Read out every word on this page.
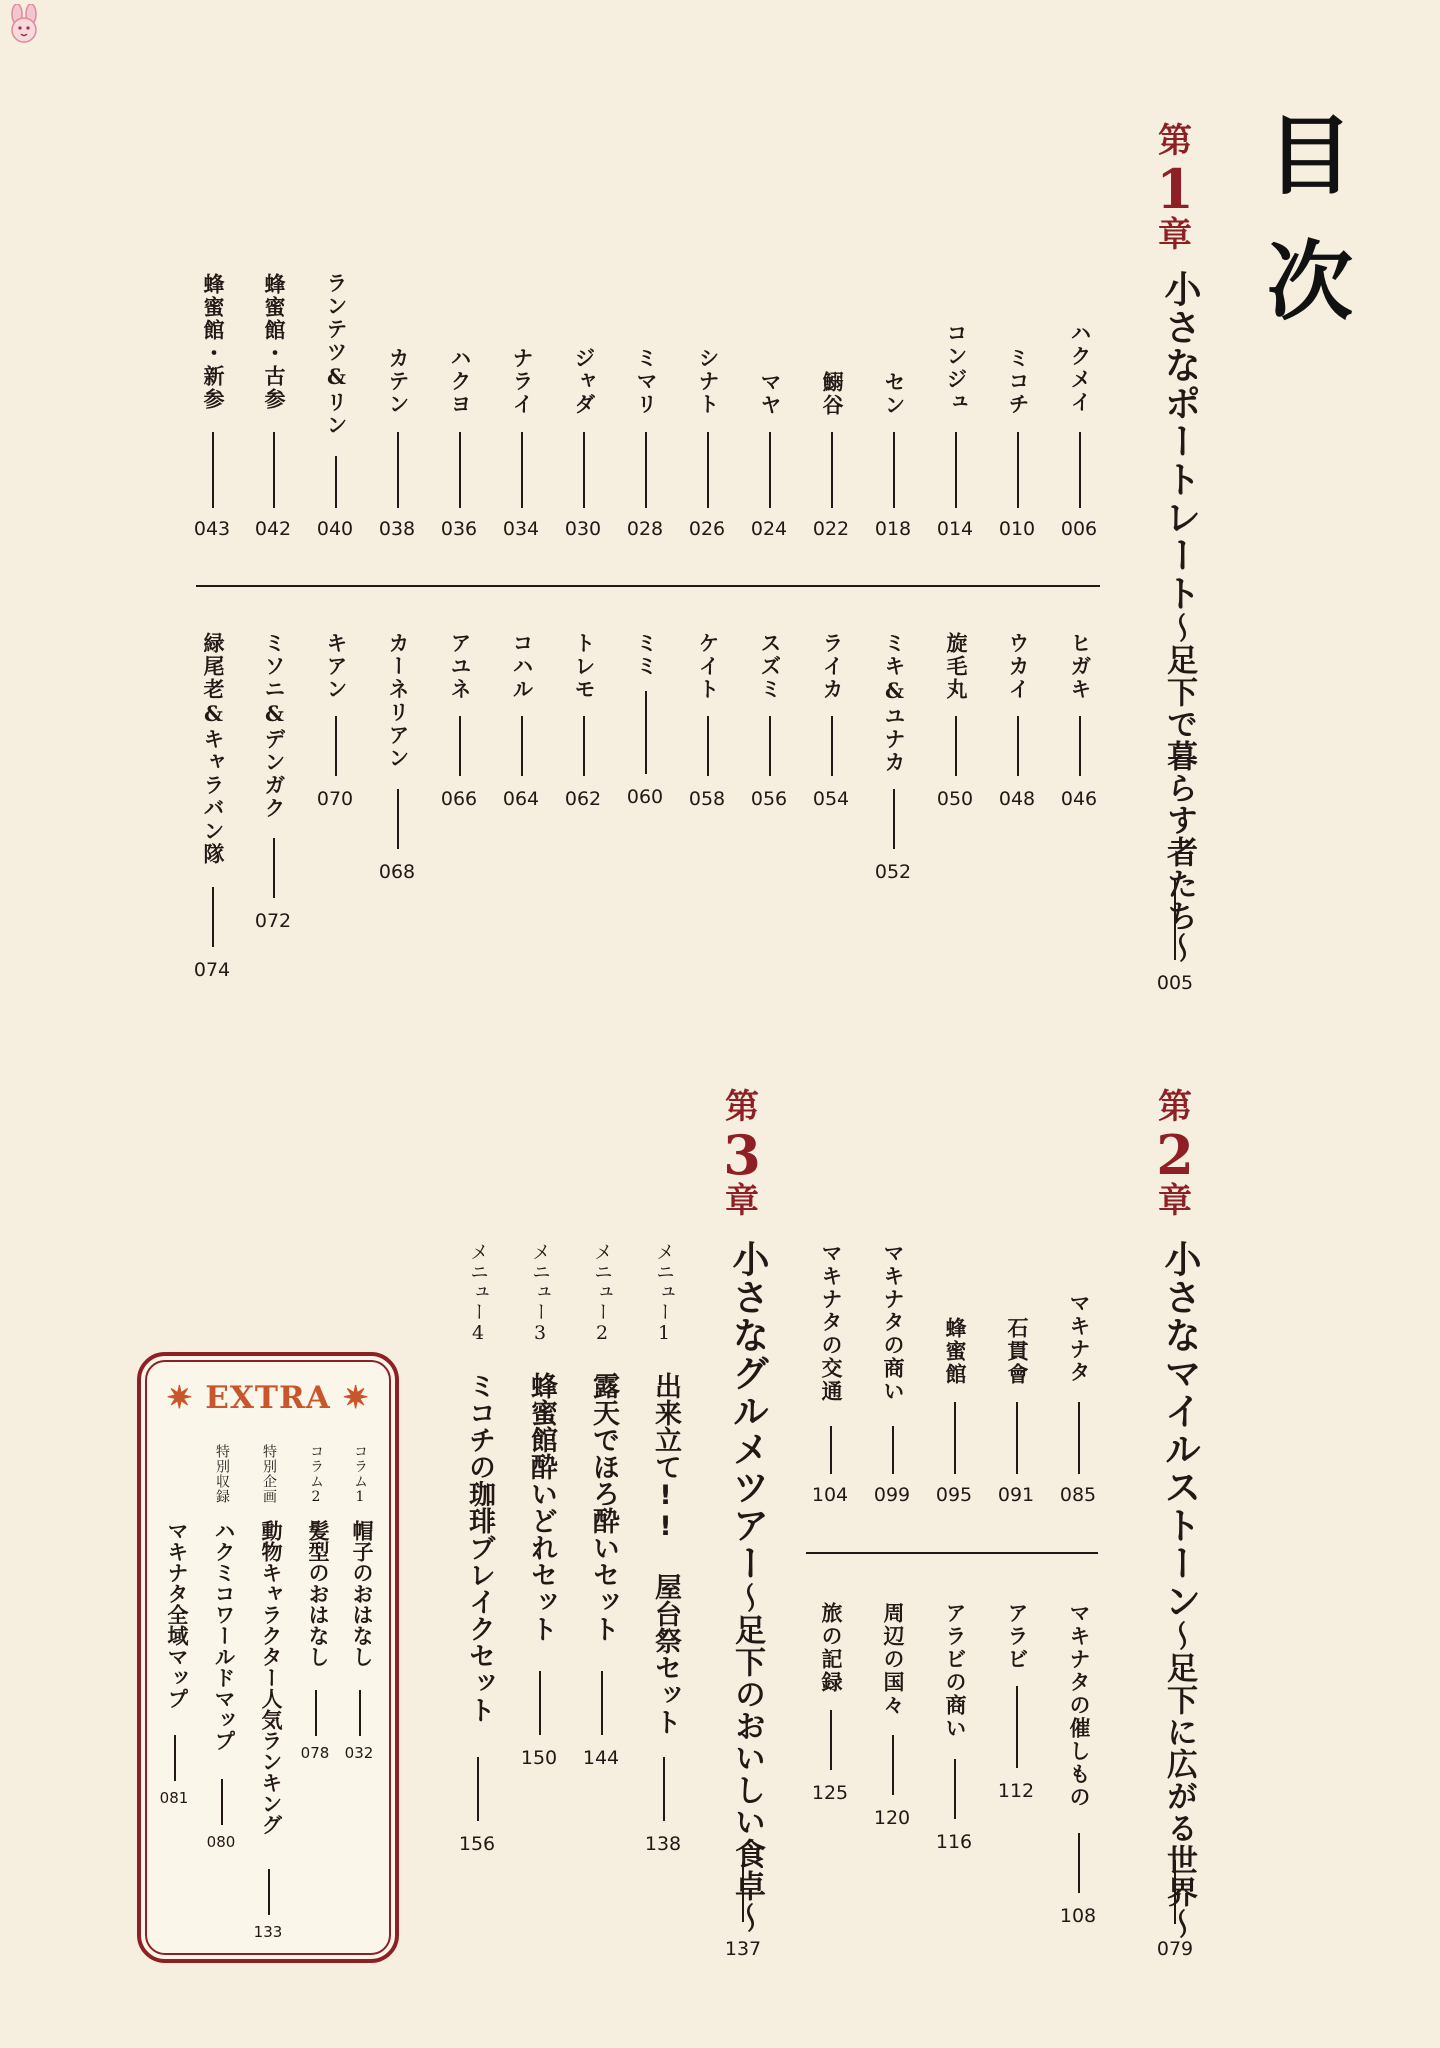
目次
第
1
章
小さなポートレート～足下で暮らす者たち～
005
第
2
章
小さなマイルストーン～足下に広がる世界～
079
第
3
章
小さなグルメツアー～足下のおいしい食卓～
137
✷ EXTRA ✷
コラム1
帽子のおはなし
032
コラム2
髪型のおはなし
078
特別企画
動物キャラクター人気ランキング
133
特別収録
ハクミコワールドマップ
080
マキナタ全域マップ
081
ハクメイ
006
ミコチ
010
コンジュ
014
セン
018
鰯谷
022
マヤ
024
シナト
026
ミマリ
028
ジャダ
030
ナライ
034
ハクヨ
036
カテン
038
ランテツ&リン
040
蜂蜜館・古参
042
蜂蜜館・新参
043
ヒガキ
046
ウカイ
048
旋毛丸
050
ミキ&ユナカ
052
ライカ
054
スズミ
056
ケイト
058
ミミ
060
トレモ
062
コハル
064
アユネ
066
カーネリアン
068
キアン
070
ミソニ&デンガク
072
緑尾老&キャラバン隊
074
マキナタ
085
石貫會
091
蜂蜜館
095
マキナタの商い
099
マキナタの交通
104
マキナタの催しもの
108
アラビ
112
アラビの商い
116
周辺の国々
120
旅の記録
125
メニュー1
出来立て!! 屋台祭セット
138
メニュー2
露天でほろ酔いセット
144
メニュー3
蜂蜜館酔いどれセット
150
メニュー4
ミコチの珈琲ブレイクセット
156
